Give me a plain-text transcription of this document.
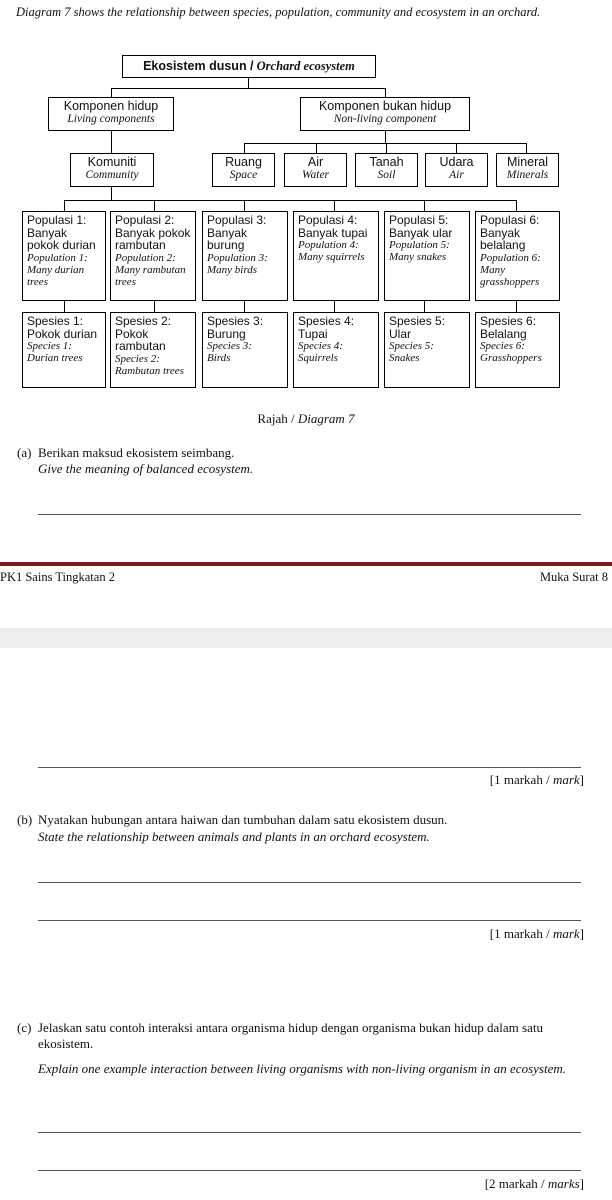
Diagram 7 shows the relationship between species, population, community and ecosystem in an orchard.
Ekosistem dusun / Orchard ecosystem
Komponen hidup
Living components
Komponen bukan hidup
Non-living component
Komuniti
Community
Ruang
Space
Air
Water
Tanah
Soil
Udara
Air
Mineral
Minerals
Populasi 1:
Banyak pokok durian
Population 1:
Many durian trees
Populasi 2:
Banyak pokok rambutan
Population 2:
Many rambutan trees
Populasi 3:
Banyak burung
Population 3:
Many birds
Populasi 4:
Banyak tupai
Population 4:
Many squirrels
Populasi 5:
Banyak ular
Population 5:
Many snakes
Populasi 6:
Banyak belalang
Population 6:
Many grasshoppers
Spesies 1:
Pokok durian
Species 1:
Durian trees
Spesies 2:
Pokok rambutan
Species 2:
Rambutan trees
Spesies 3:
Burung
Species 3:
Birds
Spesies 4:
Tupai
Species 4:
Squirrels
Spesies 5:
Ular
Species 5:
Snakes
Spesies 6:
Belalang
Species 6:
Grasshoppers
Rajah / Diagram 7
(a) Berikan maksud ekosistem seimbang.
Give the meaning of balanced ecosystem.
PK1 Sains Tingkatan 2	Muka Surat 8
[1 markah / mark]
(b) Nyatakan hubungan antara haiwan dan tumbuhan dalam satu ekosistem dusun.
State the relationship between animals and plants in an orchard ecosystem.
[1 markah / mark]
(c) Jelaskan satu contoh interaksi antara organisma hidup dengan organisma bukan hidup dalam satu ekosistem.
Explain one example interaction between living organisms with non-living organism in an ecosystem.
[2 markah / marks]
